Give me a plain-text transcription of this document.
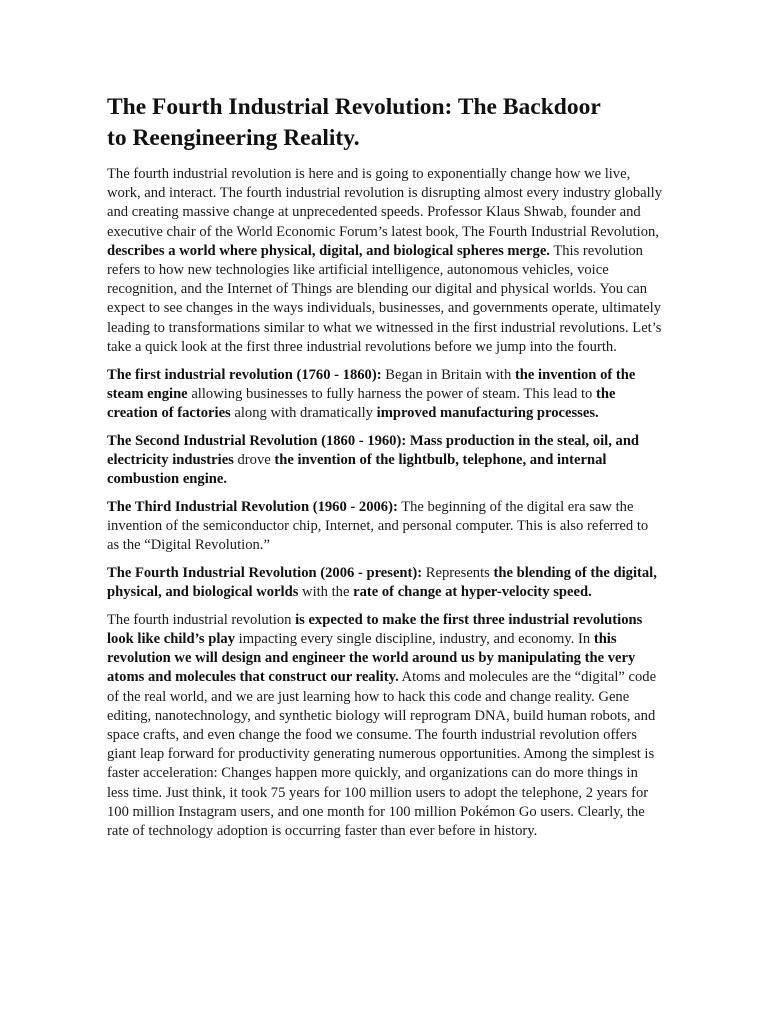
The Fourth Industrial Revolution: The Backdoor
to Reengineering Reality.

The fourth industrial revolution is here and is going to exponentially change how we live, work, and interact. The fourth industrial revolution is disrupting almost every industry globally and creating massive change at unprecedented speeds. Professor Klaus Shwab, founder and executive chair of the World Economic Forum’s latest book, The Fourth Industrial Revolution, describes a world where physical, digital, and biological spheres merge. This revolution refers to how new technologies like artificial intelligence, autonomous vehicles, voice recognition, and the Internet of Things are blending our digital and physical worlds. You can expect to see changes in the ways individuals, businesses, and governments operate, ultimately leading to transformations similar to what we witnessed in the first industrial revolutions. Let’s take a quick look at the first three industrial revolutions before we jump into the fourth.

The first industrial revolution (1760 - 1860): Began in Britain with the invention of the steam engine allowing businesses to fully harness the power of steam. This lead to the creation of factories along with dramatically improved manufacturing processes.

The Second Industrial Revolution (1860 - 1960): Mass production in the steal, oil, and electricity industries drove the invention of the lightbulb, telephone, and internal combustion engine.

The Third Industrial Revolution (1960 - 2006): The beginning of the digital era saw the invention of the semiconductor chip, Internet, and personal computer. This is also referred to as the “Digital Revolution.”

The Fourth Industrial Revolution (2006 - present): Represents the blending of the digital, physical, and biological worlds with the rate of change at hyper-velocity speed.

The fourth industrial revolution is expected to make the first three industrial revolutions look like child’s play impacting every single discipline, industry, and economy. In this revolution we will design and engineer the world around us by manipulating the very atoms and molecules that construct our reality. Atoms and molecules are the “digital” code of the real world, and we are just learning how to hack this code and change reality. Gene editing, nanotechnology, and synthetic biology will reprogram DNA, build human robots, and space crafts, and even change the food we consume. The fourth industrial revolution offers giant leap forward for productivity generating numerous opportunities. Among the simplest is faster acceleration: Changes happen more quickly, and organizations can do more things in less time. Just think, it took 75 years for 100 million users to adopt the telephone, 2 years for 100 million Instagram users, and one month for 100 million Pokémon Go users. Clearly, the rate of technology adoption is occurring faster than ever before in history.
